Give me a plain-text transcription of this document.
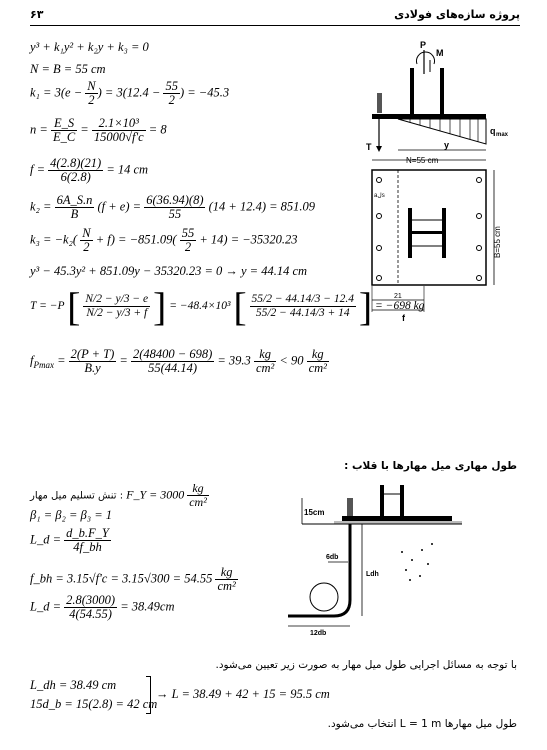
پروژه سازه‌های فولادی
۶۳
y³ + k₁y² + k₂y + k₃ = 0
N = B = 55 cm
$k_1 = 3(e - \frac{N}{2}$ ) = $3(12.4 - \frac{55}{2}$ ) = −45.3
$n = \frac{E\_S}{E\_C} = \frac{\text{2.1×10³}}{15000√f'c} = 8$
$f = \frac{4(2.8)(21)}{6(2.8)} = 14$ cm
$k_2 = \frac{6A\_S.n}{B} (f + e) = \frac{6(36.94)(8)}{55} (14 + 12.4) = 851.09$
$k_3 = -k_2( \frac{N}{2} + f) = -851.09( \frac{55}{2} + 14) = -35320.23$
y³ − 45.3y² + 851.09y − 35320.23 = 0 → y = 44.14 cm
T = −P [ $\frac{N/2 - y/3 - e}{N/2 - y/3 + f}$ ] = −48.4×10³ [ $\frac{55/2 - 44.14/3 - 12.4}{55/2 - 44.14/3 + 14}$ ] = −698 kg
$f_{Pmax} = \frac{2(P + T)}{B.y} = \frac{2(48400 - 698)}{55(44.14)} = 39.3 \frac{kg}{\text{cm²}} < 90 \frac{kg}{\text{cm²}}$
P
M
q max
T	y
N=55 cm
aلs
B=55 cm
21
f
طول مهاری میل مهارها با قلاب :
: تنش تسلیم میل مهار F_Y = $3000 \frac{kg}{\text{cm²}}$
β₁ = β₂ = β₃ = 1
L_d = $\frac{d\_b.F\_Y}{4f\_bh}$
f_bh = $3.15√f'c = 3.15√300 = 54.55 \frac{kg}{\text{cm²}}$
L_d = $\frac{2.8(3000)}{4(54.55)} = 38.49cm$
15cm
6db
Ldh
12db
با توجه به مسائل اجرایی طول میل مهار به صورت زیر تعیین می‌شود.
L_dh = 38.49 cm
15d_b = 15(2.8) = 42 cm
→ L = 38.49 + 42 + 15 = 95.5 cm
طول میل مهارها L = 1 m انتخاب می‌شود.
